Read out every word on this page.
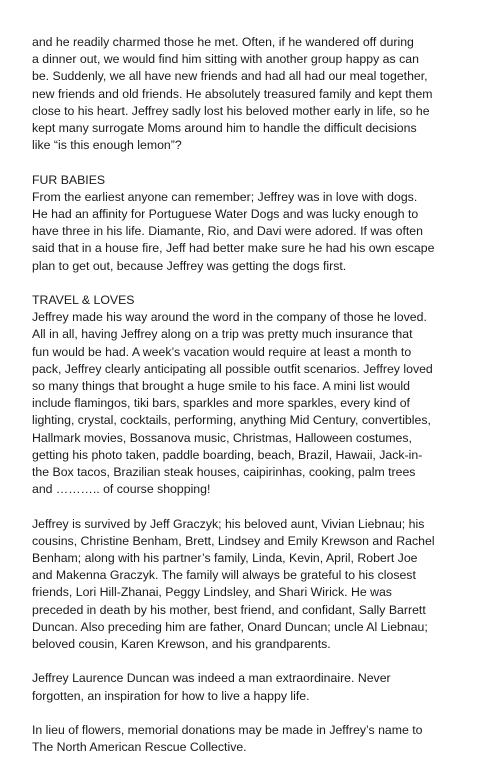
and he readily charmed those he met. Often, if he wandered off during
a dinner out, we would find him sitting with another group happy as can
be. Suddenly, we all have new friends and had all had our meal together,
new friends and old friends. He absolutely treasured family and kept them
close to his heart. Jeffrey sadly lost his beloved mother early in life, so he
kept many surrogate Moms around him to handle the difficult decisions
like “is this enough lemon”?

FUR BABIES

From the earliest anyone can remember; Jeffrey was in love with dogs.
He had an affinity for Portuguese Water Dogs and was lucky enough to
have three in his life. Diamante, Rio, and Davi were adored. If was often
said that in a house fire, Jeff had better make sure he had his own escape
plan to get out, because Jeffrey was getting the dogs first.

TRAVEL & LOVES

Jeffrey made his way around the word in the company of those he loved.
All in all, having Jeffrey along on a trip was pretty much insurance that
fun would be had. A week’s vacation would require at least a month to
pack, Jeffrey clearly anticipating all possible outfit scenarios. Jeffrey loved
so many things that brought a huge smile to his face. A mini list would
include flamingos, tiki bars, sparkles and more sparkles, every kind of
lighting, crystal, cocktails, performing, anything Mid Century, convertibles,
Hallmark movies, Bossanova music, Christmas, Halloween costumes,
getting his photo taken, paddle boarding, beach, Brazil, Hawaii, Jack-in-
the Box tacos, Brazilian steak houses, caipirinhas, cooking, palm trees
and ……….. of course shopping!

Jeffrey is survived by Jeff Graczyk; his beloved aunt, Vivian Liebnau; his
cousins, Christine Benham, Brett, Lindsey and Emily Krewson and Rachel
Benham; along with his partner’s family, Linda, Kevin, April, Robert Joe
and Makenna Graczyk. The family will always be grateful to his closest
friends, Lori Hill-Zhanai, Peggy Lindsley, and Shari Wirick. He was
preceded in death by his mother, best friend, and confidant, Sally Barrett
Duncan. Also preceding him are father, Onard Duncan; uncle Al Liebnau;
beloved cousin, Karen Krewson, and his grandparents.

Jeffrey Laurence Duncan was indeed a man extraordinaire. Never
forgotten, an inspiration for how to live a happy life.

In lieu of flowers, memorial donations may be made in Jeffrey’s name to
The North American Rescue Collective.
